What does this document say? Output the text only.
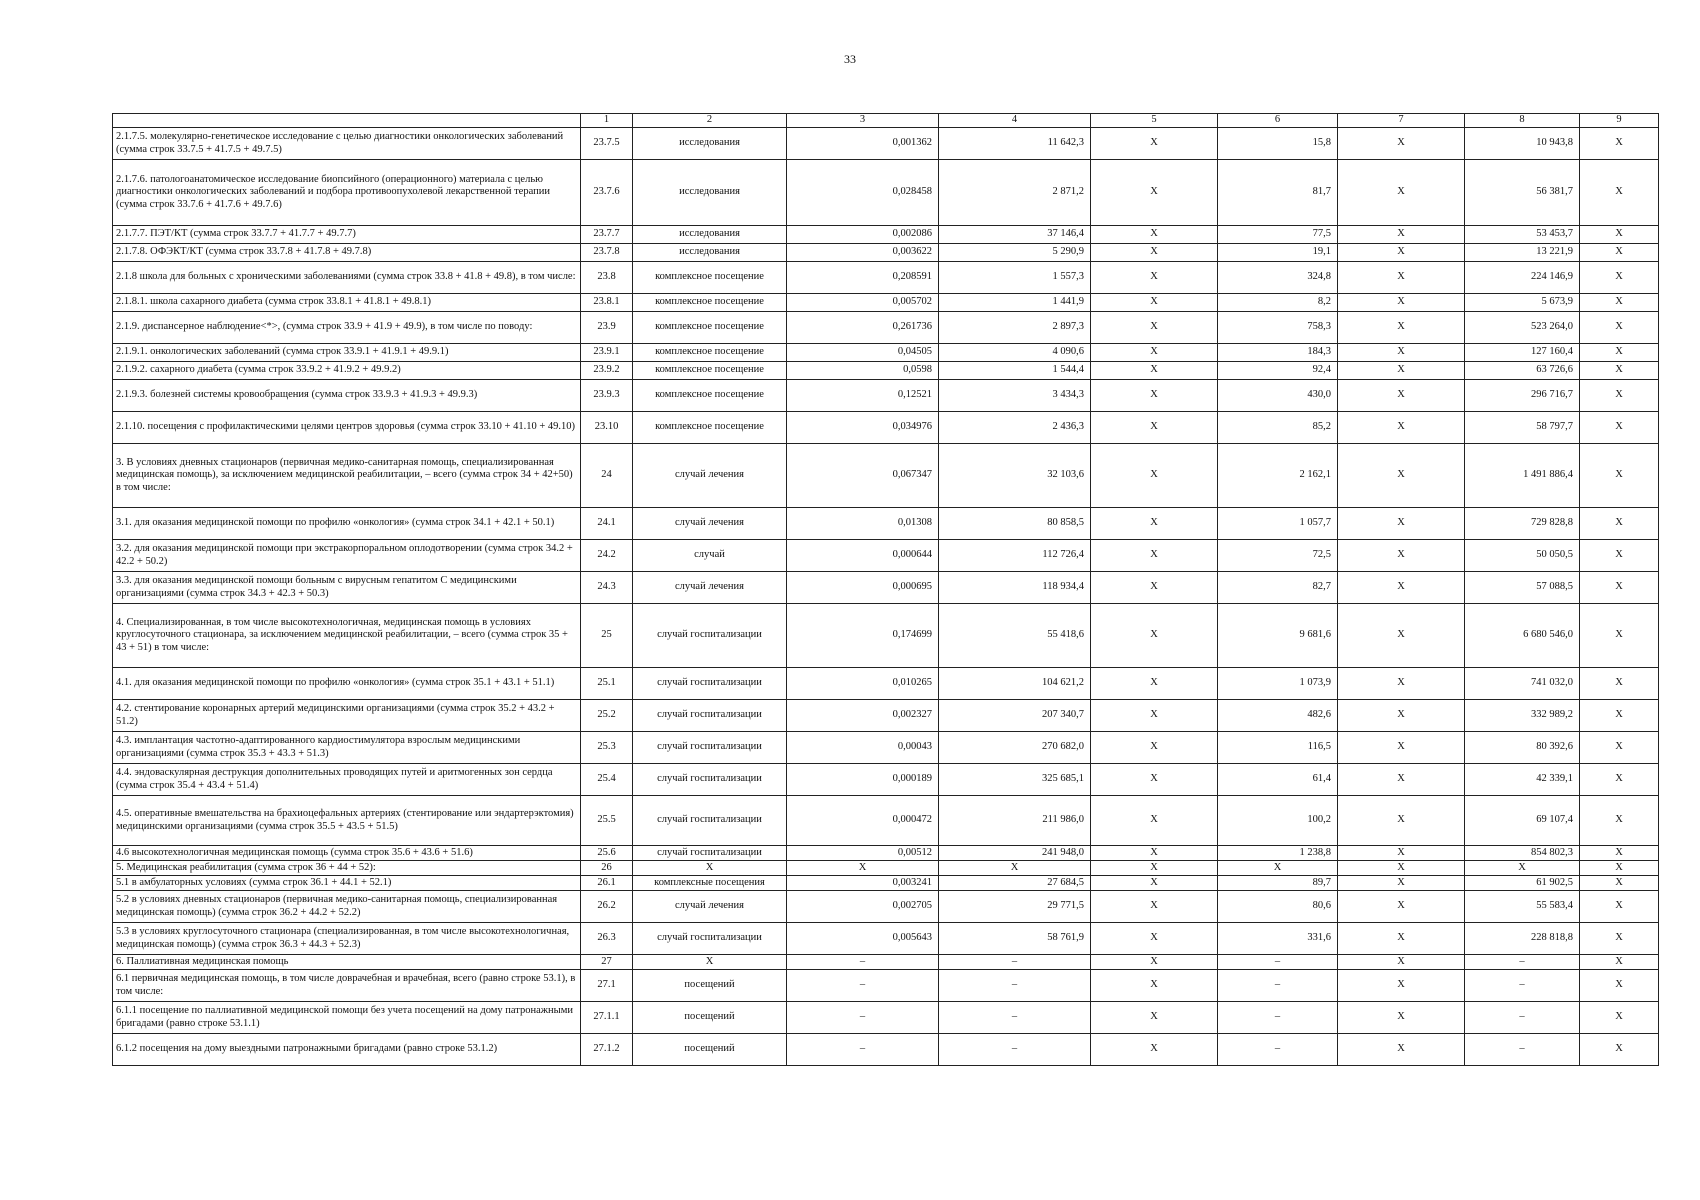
33
	1	2	3	4	5	6	7	8	9
2.1.7.5. молекулярно-генетическое исследование с целью диагностики онкологических заболеваний (сумма строк 33.7.5 + 41.7.5 + 49.7.5)	23.7.5	исследования	0,001362	11 642,3	X	15,8	X	10 943,8	X
2.1.7.6. патологоанатомическое исследование биопсийного (операционного) материала с целью диагностики онкологических заболеваний и подбора противоопухолевой лекарственной терапии (сумма строк 33.7.6 + 41.7.6 + 49.7.6)	23.7.6	исследования	0,028458	2 871,2	X	81,7	X	56 381,7	X
2.1.7.7. ПЭТ/КТ (сумма строк 33.7.7 + 41.7.7 + 49.7.7)	23.7.7	исследования	0,002086	37 146,4	X	77,5	X	53 453,7	X
2.1.7.8. ОФЭКТ/КТ (сумма строк 33.7.8 + 41.7.8 + 49.7.8)	23.7.8	исследования	0,003622	5 290,9	X	19,1	X	13 221,9	X
2.1.8 школа для больных с хроническими заболеваниями (сумма строк 33.8 + 41.8 + 49.8), в том числе:	23.8	комплексное посещение	0,208591	1 557,3	X	324,8	X	224 146,9	X
2.1.8.1. школа сахарного диабета (сумма строк 33.8.1 + 41.8.1 + 49.8.1)	23.8.1	комплексное посещение	0,005702	1 441,9	X	8,2	X	5 673,9	X
2.1.9. диспансерное наблюдение<*>, (сумма строк 33.9 + 41.9 + 49.9), в том числе по поводу:	23.9	комплексное посещение	0,261736	2 897,3	X	758,3	X	523 264,0	X
2.1.9.1. онкологических заболеваний (сумма строк 33.9.1 + 41.9.1 + 49.9.1)	23.9.1	комплексное посещение	0,04505	4 090,6	X	184,3	X	127 160,4	X
2.1.9.2. сахарного диабета (сумма строк 33.9.2 + 41.9.2 + 49.9.2)	23.9.2	комплексное посещение	0,0598	1 544,4	X	92,4	X	63 726,6	X
2.1.9.3. болезней системы кровообращения (сумма строк 33.9.3 + 41.9.3 + 49.9.3)	23.9.3	комплексное посещение	0,12521	3 434,3	X	430,0	X	296 716,7	X
2.1.10. посещения с профилактическими целями центров здоровья (сумма строк 33.10 + 41.10 + 49.10)	23.10	комплексное посещение	0,034976	2 436,3	X	85,2	X	58 797,7	X
3. В условиях дневных стационаров (первичная медико-санитарная помощь, специализированная медицинская помощь), за исключением медицинской реабилитации, – всего (сумма строк 34 + 42+50) в том числе:	24	случай лечения	0,067347	32 103,6	X	2 162,1	X	1 491 886,4	X
3.1. для оказания медицинской помощи по профилю «онкология» (сумма строк 34.1 + 42.1 + 50.1)	24.1	случай лечения	0,01308	80 858,5	X	1 057,7	X	729 828,8	X
3.2. для оказания медицинской помощи при экстракорпоральном оплодотворении (сумма строк 34.2 + 42.2 + 50.2)	24.2	случай	0,000644	112 726,4	X	72,5	X	50 050,5	X
3.3. для оказания медицинской помощи больным с вирусным гепатитом С медицинскими организациями (сумма строк 34.3 + 42.3 + 50.3)	24.3	случай лечения	0,000695	118 934,4	X	82,7	X	57 088,5	X
4. Специализированная, в том числе высокотехнологичная, медицинская помощь в условиях круглосуточного стационара, за исключением медицинской реабилитации, – всего (сумма строк 35 + 43 + 51) в том числе:	25	случай госпитализации	0,174699	55 418,6	X	9 681,6	X	6 680 546,0	X
4.1. для оказания медицинской помощи по профилю «онкология» (сумма строк 35.1 + 43.1 + 51.1)	25.1	случай госпитализации	0,010265	104 621,2	X	1 073,9	X	741 032,0	X
4.2. стентирование коронарных артерий медицинскими организациями (сумма строк 35.2 + 43.2 + 51.2)	25.2	случай госпитализации	0,002327	207 340,7	X	482,6	X	332 989,2	X
4.3. имплантация частотно-адаптированного кардиостимулятора взрослым медицинскими организациями (сумма строк 35.3 + 43.3 + 51.3)	25.3	случай госпитализации	0,00043	270 682,0	X	116,5	X	80 392,6	X
4.4. эндоваскулярная деструкция дополнительных проводящих путей и аритмогенных зон сердца (сумма строк 35.4 + 43.4 + 51.4)	25.4	случай госпитализации	0,000189	325 685,1	X	61,4	X	42 339,1	X
4.5. оперативные вмешательства на брахиоцефальных артериях (стентирование или эндартерэктомия) медицинскими организациями (сумма строк 35.5 + 43.5 + 51.5)	25.5	случай госпитализации	0,000472	211 986,0	X	100,2	X	69 107,4	X
4.6 высокотехнологичная медицинская помощь (сумма строк 35.6 + 43.6 + 51.6)	25.6	случай госпитализации	0,00512	241 948,0	X	1 238,8	X	854 802,3	X
5. Медицинская реабилитация (сумма строк 36 + 44 + 52):	26	X	X	X	X	X	X	X	X
5.1 в амбулаторных условиях (сумма строк 36.1 + 44.1 + 52.1)	26.1	комплексные посещения	0,003241	27 684,5	X	89,7	X	61 902,5	X
5.2 в условиях дневных стационаров (первичная медико-санитарная помощь, специализированная медицинская помощь) (сумма строк 36.2 + 44.2 + 52.2)	26.2	случай лечения	0,002705	29 771,5	X	80,6	X	55 583,4	X
5.3 в условиях круглосуточного стационара (специализированная, в том числе высокотехнологичная, медицинская помощь) (сумма строк 36.3 + 44.3 + 52.3)	26.3	случай госпитализации	0,005643	58 761,9	X	331,6	X	228 818,8	X
6. Паллиативная медицинская помощь	27	X	–	–	X	–	X	–	X
6.1 первичная медицинская помощь, в том числе доврачебная и врачебная, всего (равно строке 53.1), в том числе:	27.1	посещений	–	–	X	–	X	–	X
6.1.1 посещение по паллиативной медицинской помощи без учета посещений на дому патронажными бригадами (равно строке 53.1.1)	27.1.1	посещений	–	–	X	–	X	–	X
6.1.2 посещения на дому выездными патронажными бригадами (равно строке 53.1.2)	27.1.2	посещений	–	–	X	–	X	–	X
